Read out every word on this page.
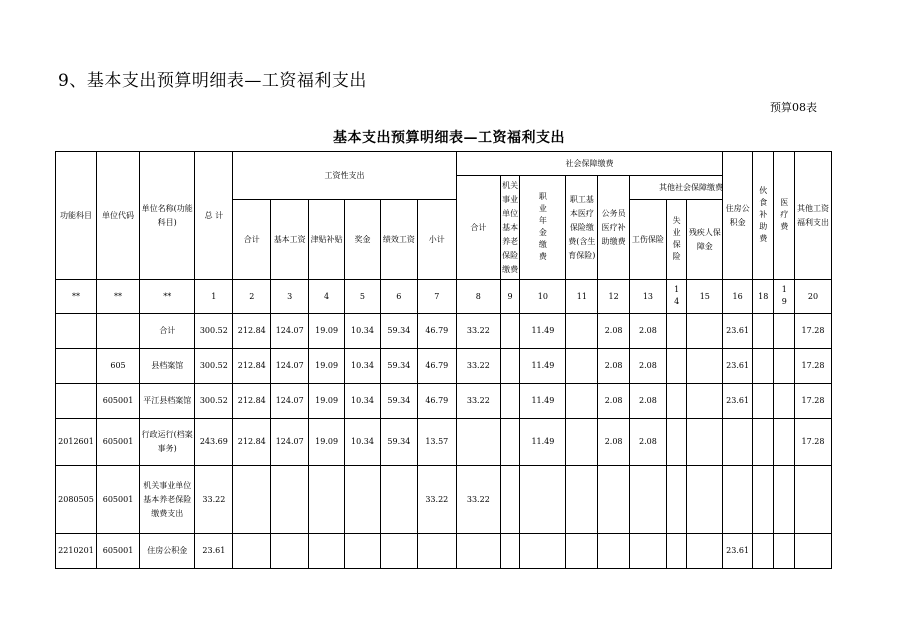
9、基本支出预算明细表—工资福利支出
预算08表
基本支出预算明细表—工资福利支出
功能科目	单位代码	单位名称(功能科目)	总 计	工资性支出						社会保障缴费								住房公积金	伙食补助费	医疗费	其他工资福利支出
										合计	机关事业单位基本养老保险缴费	职业年金缴费	职工基本医疗保险缴费(含生育保险)	公务员医疗补助缴费	其他社会保障缴费						
				合计	基本工资	津贴补贴	奖金	绩效工资	小计						工伤保险	失业保险	残疾人保障金				
**	**	**	1	2	3	4	5	6	7	8	9	10	11	12	13	14	15	16	18	19	20
		合计	300.52	212.84	124.07	19.09	10.34	59.34	46.79	33.22		11.49		2.08	2.08			23.61			17.28
	605	县档案馆	300.52	212.84	124.07	19.09	10.34	59.34	46.79	33.22		11.49		2.08	2.08			23.61			17.28
	605001	平江县档案馆	300.52	212.84	124.07	19.09	10.34	59.34	46.79	33.22		11.49		2.08	2.08			23.61			17.28
2012601	605001	行政运行(档案事务)	243.69	212.84	124.07	19.09	10.34	59.34	13.57			11.49		2.08	2.08						17.28
2080505	605001	机关事业单位基本养老保险缴费支出	33.22						33.22	33.22											
2210201	605001	住房公积金	23.61															23.61			
